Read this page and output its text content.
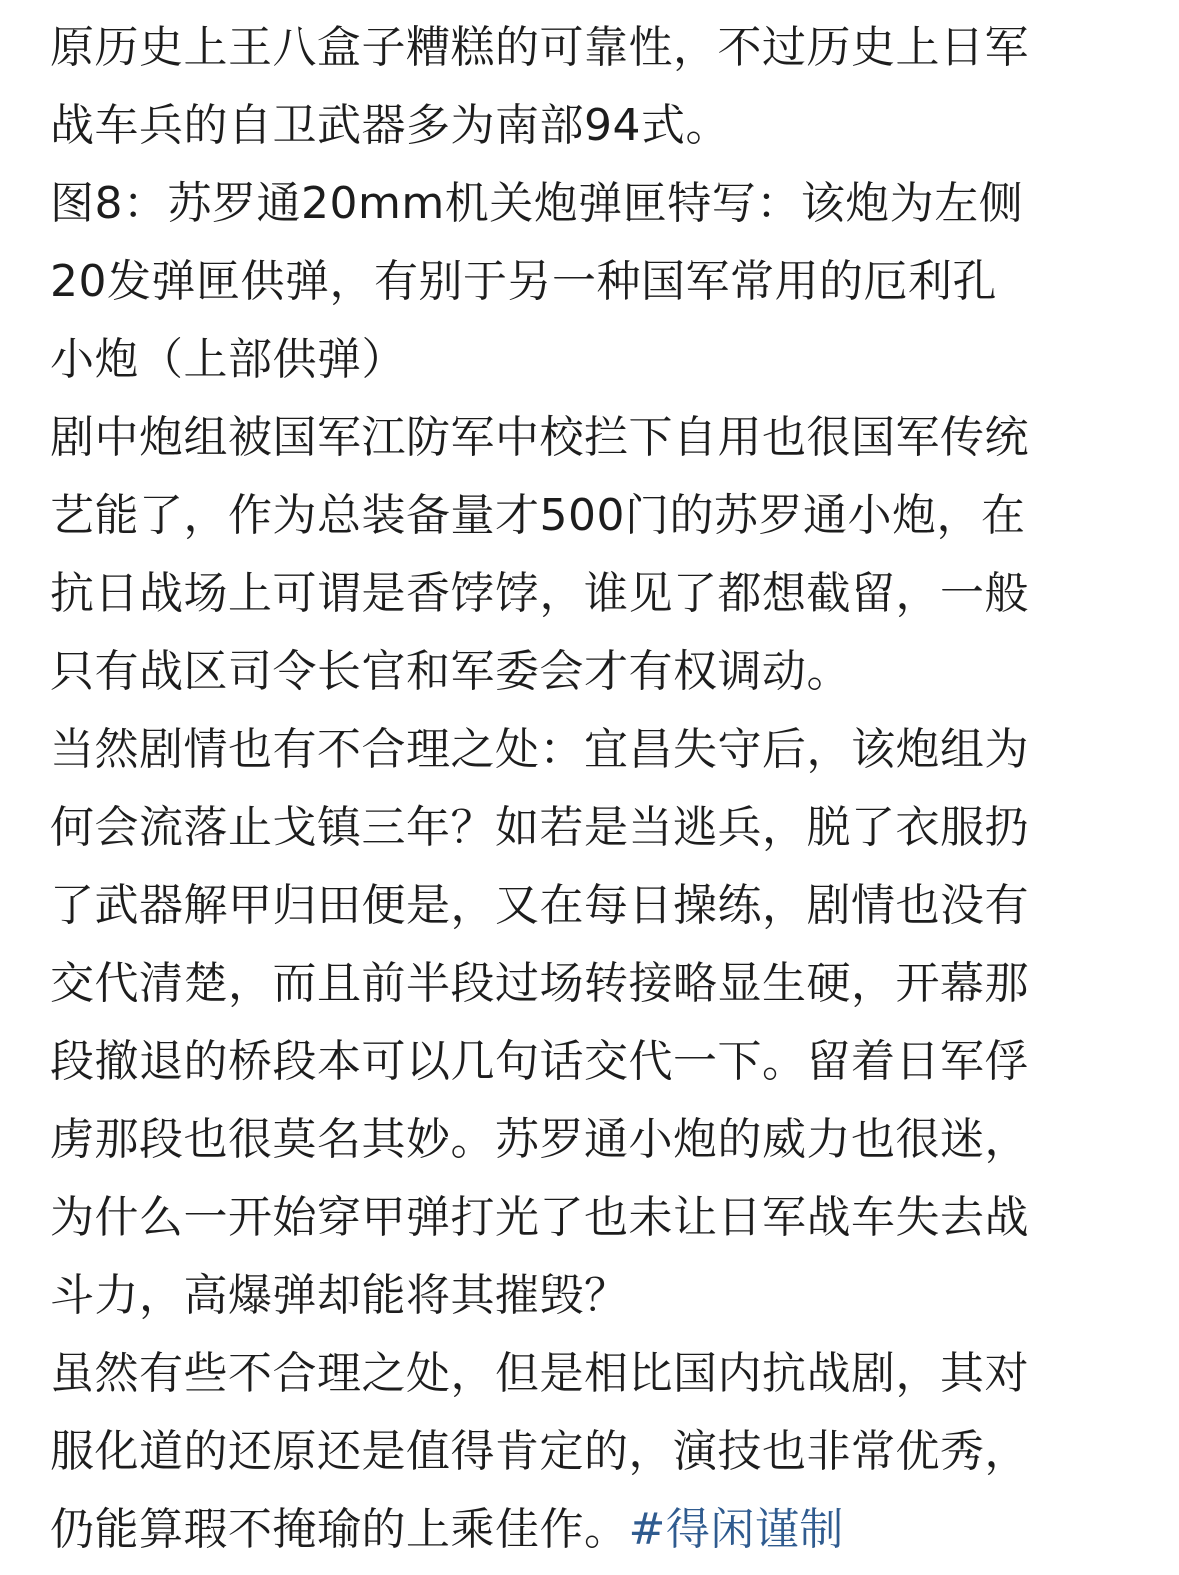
原历史上王八盒子糟糕的可靠性，不过历史上日军
战车兵的自卫武器多为南部94式。
图8：苏罗通20mm机关炮弹匣特写：该炮为左侧
20发弹匣供弹，有别于另一种国军常用的厄利孔
小炮（上部供弹）
剧中炮组被国军江防军中校拦下自用也很国军传统
艺能了，作为总装备量才500门的苏罗通小炮，在
抗日战场上可谓是香饽饽，谁见了都想截留，一般
只有战区司令长官和军委会才有权调动。
当然剧情也有不合理之处：宜昌失守后，该炮组为
何会流落止戈镇三年？如若是当逃兵，脱了衣服扔
了武器解甲归田便是，又在每日操练，剧情也没有
交代清楚，而且前半段过场转接略显生硬，开幕那
段撤退的桥段本可以几句话交代一下。留着日军俘
虏那段也很莫名其妙。苏罗通小炮的威力也很迷，
为什么一开始穿甲弹打光了也未让日军战车失去战
斗力，高爆弹却能将其摧毁？
虽然有些不合理之处，但是相比国内抗战剧，其对
服化道的还原还是值得肯定的，演技也非常优秀，
仍能算瑕不掩瑜的上乘佳作。#得闲谨制
